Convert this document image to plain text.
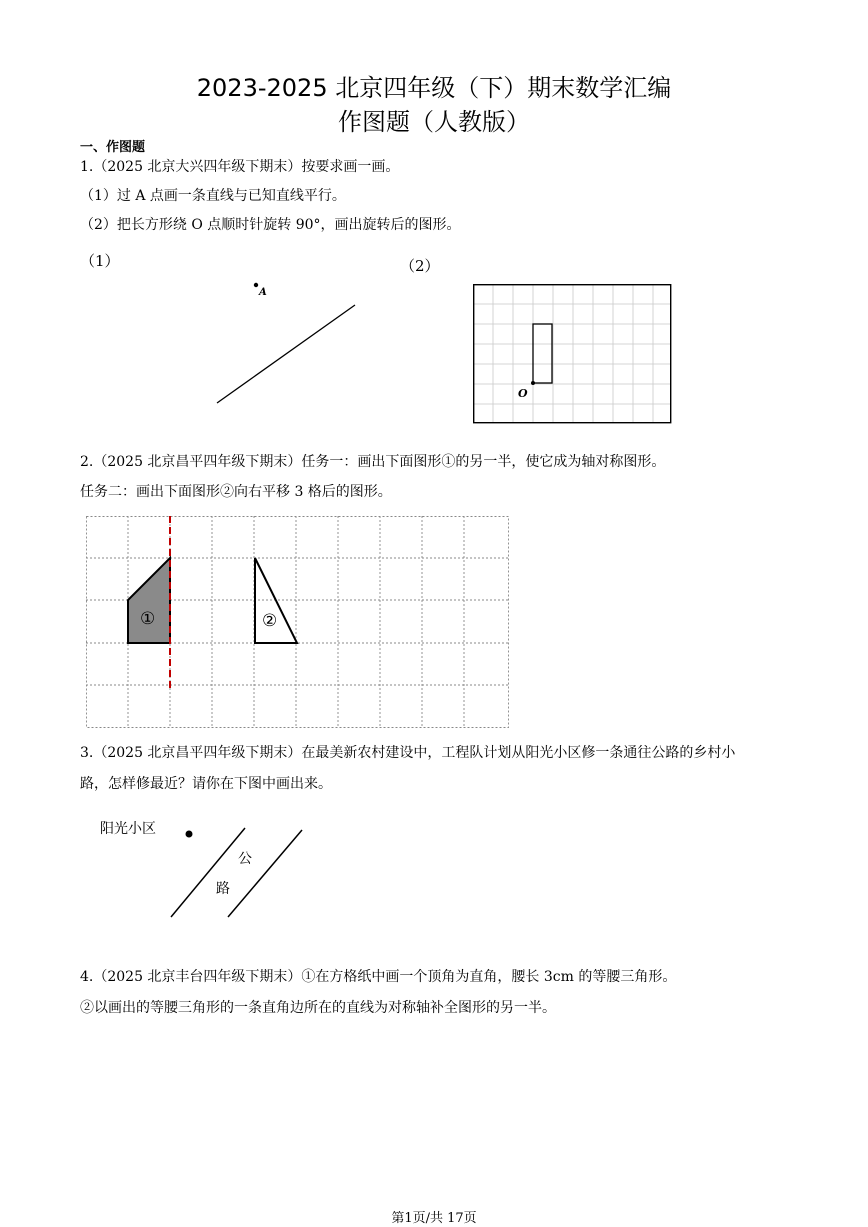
2023-2025 北京四年级（下）期末数学汇编
作图题（人教版）
一、作图题
1.（2025 北京大兴四年级下期末）按要求画一画。
（1）过 A 点画一条直线与已知直线平行。
（2）把长方形绕 O 点顺时针旋转 90°，画出旋转后的图形。
（1）	（2）
A
O
2.（2025 北京昌平四年级下期末）任务一：画出下面图形①的另一半，使它成为轴对称图形。
任务二：画出下面图形②向右平移 3 格后的图形。
①	②
3.（2025 北京昌平四年级下期末）在最美新农村建设中，工程队计划从阳光小区修一条通往公路的乡村小
路，怎样修最近？请你在下图中画出来。
阳光小区
公
路
4.（2025 北京丰台四年级下期末）①在方格纸中画一个顶角为直角，腰长 3cm 的等腰三角形。
②以画出的等腰三角形的一条直角边所在的直线为对称轴补全图形的另一半。
第1页/共 17页
